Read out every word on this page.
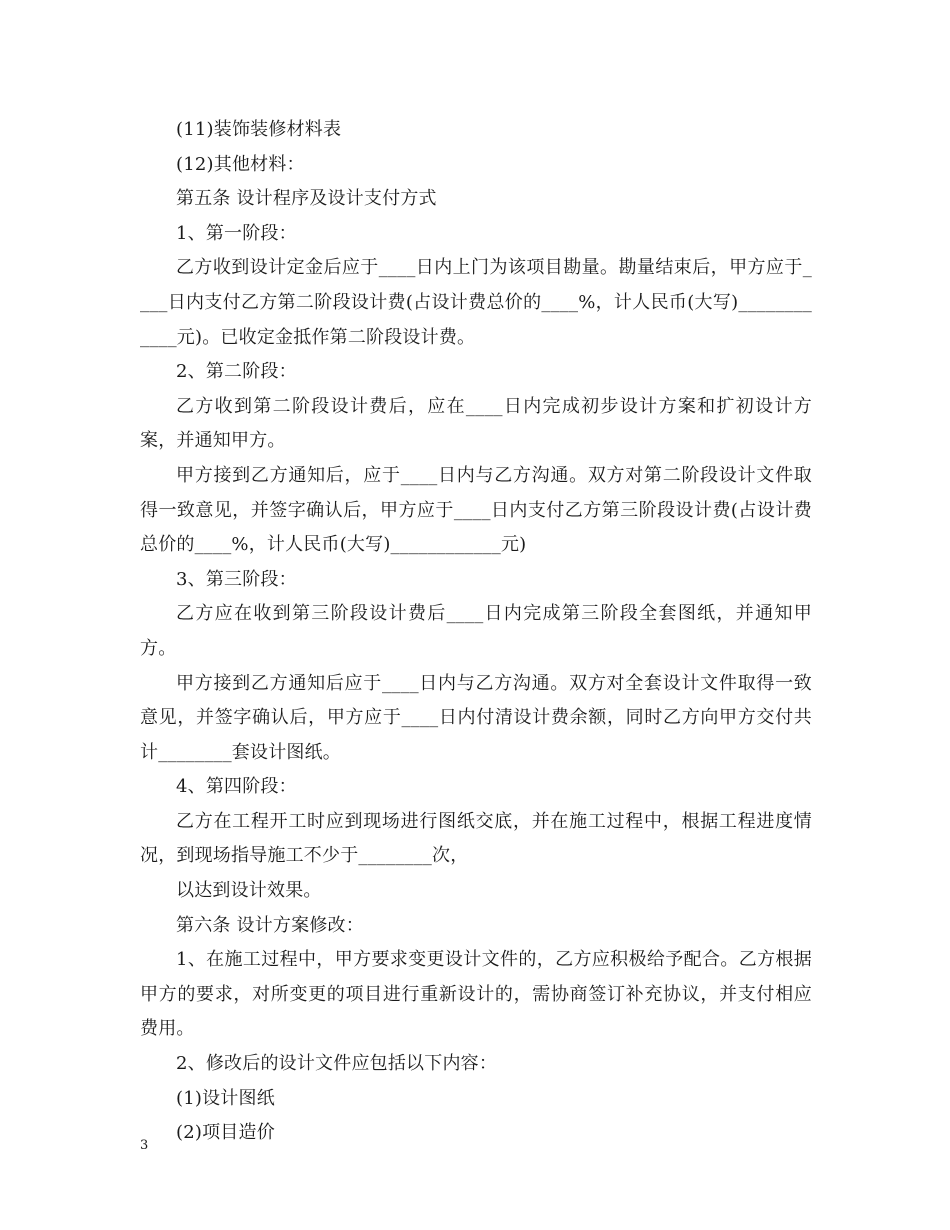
(11)装饰装修材料表

(12)其他材料：

第五条 设计程序及设计支付方式

1、第一阶段：

乙方收到设计定金后应于____日内上门为该项目勘量。勘量结束后，甲方应于____日内支付乙方第二阶段设计费(占设计费总价的____%，计人民币(大写)____________元)。已收定金抵作第二阶段设计费。

2、第二阶段：

乙方收到第二阶段设计费后，应在____日内完成初步设计方案和扩初设计方案，并通知甲方。

甲方接到乙方通知后，应于____日内与乙方沟通。双方对第二阶段设计文件取得一致意见，并签字确认后，甲方应于____日内支付乙方第三阶段设计费(占设计费总价的____%，计人民币(大写)____________元)

3、第三阶段：

乙方应在收到第三阶段设计费后____日内完成第三阶段全套图纸，并通知甲方。

甲方接到乙方通知后应于____日内与乙方沟通。双方对全套设计文件取得一致意见，并签字确认后，甲方应于____日内付清设计费余额，同时乙方向甲方交付共计________套设计图纸。

4、第四阶段：

乙方在工程开工时应到现场进行图纸交底，并在施工过程中，根据工程进度情况，到现场指导施工不少于________次，

以达到设计效果。

第六条 设计方案修改：

1、在施工过程中，甲方要求变更设计文件的，乙方应积极给予配合。乙方根据甲方的要求，对所变更的项目进行重新设计的，需协商签订补充协议，并支付相应费用。

2、修改后的设计文件应包括以下内容：

(1)设计图纸

(2)项目造价

3
